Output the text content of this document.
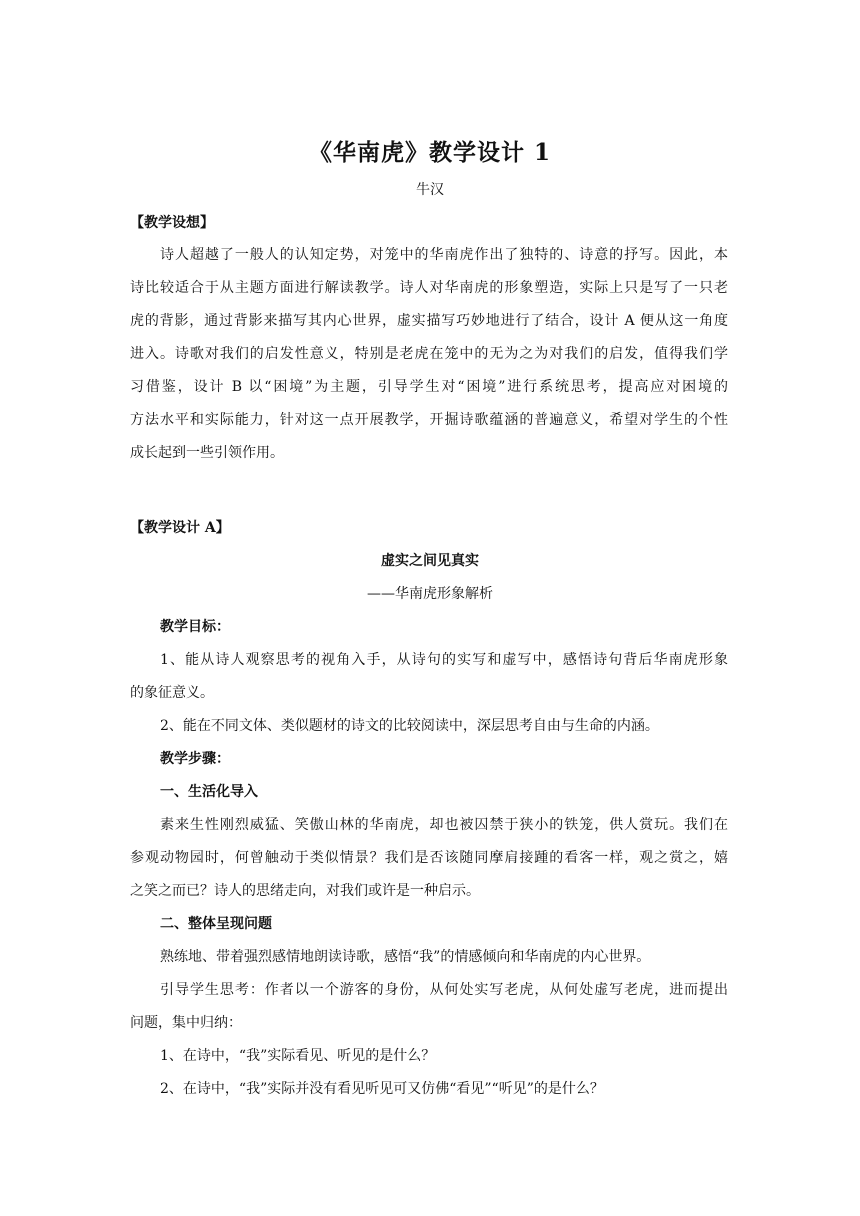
《华南虎》教学设计 1
牛汉
【教学设想】
诗人超越了一般人的认知定势，对笼中的华南虎作出了独特的、诗意的抒写。因此，本
诗比较适合于从主题方面进行解读教学。诗人对华南虎的形象塑造，实际上只是写了一只老
虎的背影，通过背影来描写其内心世界，虚实描写巧妙地进行了结合，设计 A 便从这一角度
进入。诗歌对我们的启发性意义，特别是老虎在笼中的无为之为对我们的启发，值得我们学
习借鉴，设计 B 以“困境”为主题，引导学生对“困境”进行系统思考，提高应对困境的
方法水平和实际能力，针对这一点开展教学，开掘诗歌蕴涵的普遍意义，希望对学生的个性
成长起到一些引领作用。
【教学设计 A】
虚实之间见真实
——华南虎形象解析
教学目标：
1、能从诗人观察思考的视角入手，从诗句的实写和虚写中，感悟诗句背后华南虎形象
的象征意义。
2、能在不同文体、类似题材的诗文的比较阅读中，深层思考自由与生命的内涵。
教学步骤：
一、生活化导入
素来生性刚烈威猛、笑傲山林的华南虎，却也被囚禁于狭小的铁笼，供人赏玩。我们在
参观动物园时，何曾触动于类似情景？我们是否该随同摩肩接踵的看客一样，观之赏之，嬉
之笑之而已？诗人的思绪走向，对我们或许是一种启示。
二、整体呈现问题
熟练地、带着强烈感情地朗读诗歌，感悟“我”的情感倾向和华南虎的内心世界。
引导学生思考：作者以一个游客的身份，从何处实写老虎，从何处虚写老虎，进而提出
问题，集中归纳：
1、在诗中，“我”实际看见、听见的是什么？
2、在诗中，“我”实际并没有看见听见可又仿佛“看见”“听见”的是什么？
